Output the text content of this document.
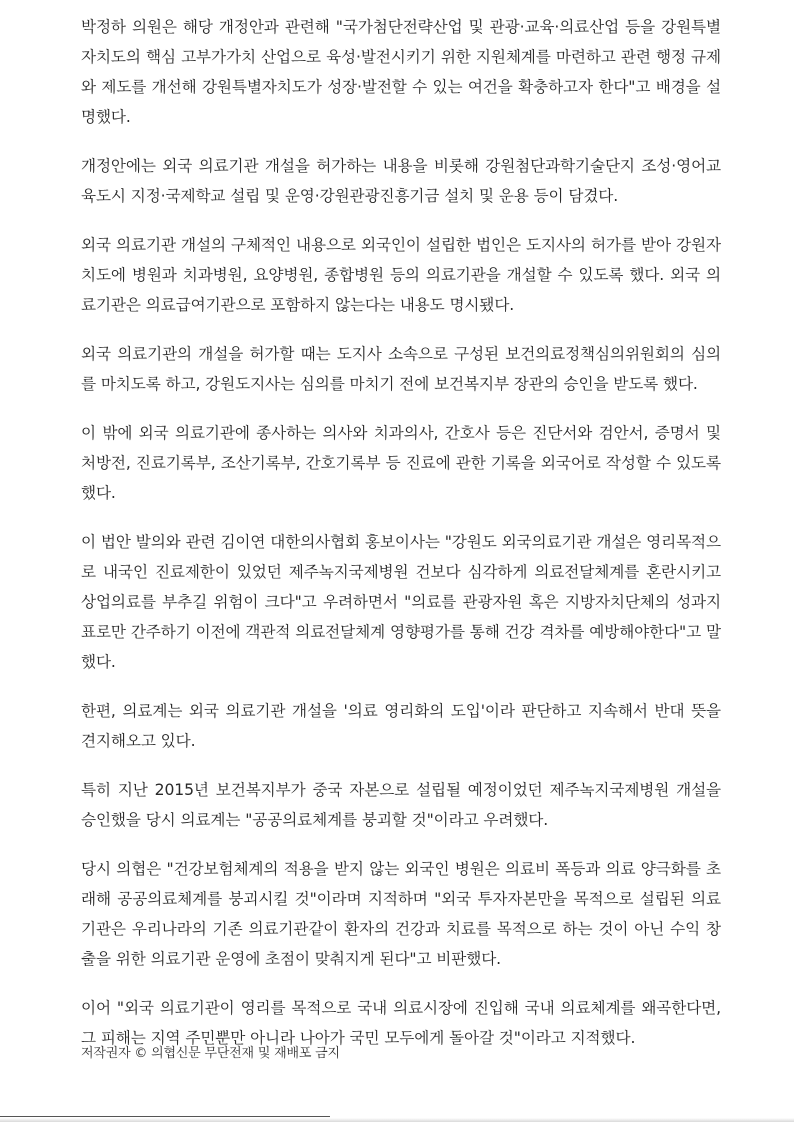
박정하 의원은 해당 개정안과 관련해 "국가첨단전략산업 및 관광·교육·의료산업 등을 강원특별자치도의 핵심 고부가가치 산업으로 육성·발전시키기 위한 지원체계를 마련하고 관련 행정 규제와 제도를 개선해 강원특별자치도가 성장·발전할 수 있는 여건을 확충하고자 한다"고 배경을 설명했다.

개정안에는 외국 의료기관 개설을 허가하는 내용을 비롯해 강원첨단과학기술단지 조성·영어교육도시 지정·국제학교 설립 및 운영·강원관광진흥기금 설치 및 운용 등이 담겼다.

외국 의료기관 개설의 구체적인 내용으로 외국인이 설립한 법인은 도지사의 허가를 받아 강원자치도에 병원과 치과병원, 요양병원, 종합병원 등의 의료기관을 개설할 수 있도록 했다. 외국 의료기관은 의료급여기관으로 포함하지 않는다는 내용도 명시됐다.

외국 의료기관의 개설을 허가할 때는 도지사 소속으로 구성된 보건의료정책심의위원회의 심의를 마치도록 하고, 강원도지사는 심의를 마치기 전에 보건복지부 장관의 승인을 받도록 했다.

이 밖에 외국 의료기관에 종사하는 의사와 치과의사, 간호사 등은 진단서와 검안서, 증명서 및 처방전, 진료기록부, 조산기록부, 간호기록부 등 진료에 관한 기록을 외국어로 작성할 수 있도록 했다.

이 법안 발의와 관련 김이연 대한의사협회 홍보이사는 "강원도 외국의료기관 개설은 영리목적으로 내국인 진료제한이 있었던 제주녹지국제병원 건보다 심각하게 의료전달체계를 혼란시키고 상업의료를 부추길 위험이 크다"고 우려하면서 "의료를 관광자원 혹은 지방자치단체의 성과지표로만 간주하기 이전에 객관적 의료전달체계 영향평가를 통해 건강 격차를 예방해야한다"고 말했다.

한편, 의료계는 외국 의료기관 개설을 '의료 영리화의 도입'이라 판단하고 지속해서 반대 뜻을 견지해오고 있다.

특히 지난 2015년 보건복지부가 중국 자본으로 설립될 예정이었던 제주녹지국제병원 개설을 승인했을 당시 의료계는 "공공의료체계를 붕괴할 것"이라고 우려했다.

당시 의협은 "건강보험체계의 적용을 받지 않는 외국인 병원은 의료비 폭등과 의료 양극화를 초래해 공공의료체계를 붕괴시킬 것"이라며 지적하며 "외국 투자자본만을 목적으로 설립된 의료기관은 우리나라의 기존 의료기관같이 환자의 건강과 치료를 목적으로 하는 것이 아닌 수익 창출을 위한 의료기관 운영에 초점이 맞춰지게 된다"고 비판했다.

이어 "외국 의료기관이 영리를 목적으로 국내 의료시장에 진입해 국내 의료체계를 왜곡한다면, 그 피해는 지역 주민뿐만 아니라 나아가 국민 모두에게 돌아갈 것"이라고 지적했다.

저작권자 © 의협신문 무단전재 및 재배포 금지
